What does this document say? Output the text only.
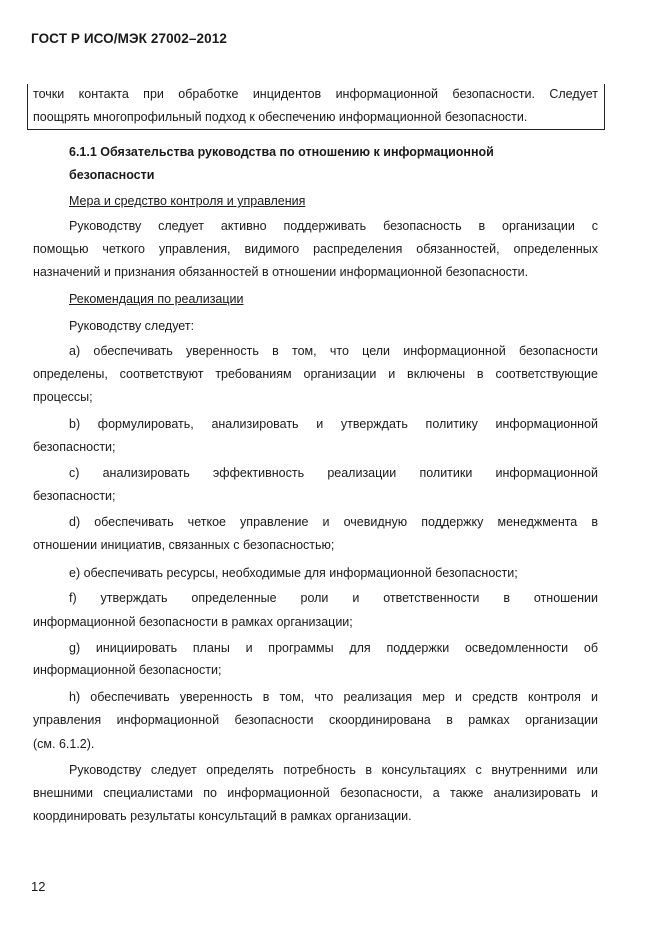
ГОСТ Р ИСО/МЭК 27002–2012
точки контакта при обработке инцидентов информационной безопасности. Следует
поощрять многопрофильный подход к обеспечению информационной безопасности.
6.1.1 Обязательства руководства по отношению к информационной
безопасности
Мера и средство контроля и управления
Руководству следует активно поддерживать безопасность в организации с
помощью четкого управления, видимого распределения обязанностей, определенных
назначений и признания обязанностей в отношении информационной безопасности.
Рекомендация по реализации
Руководству следует:
a) обеспечивать уверенность в том, что цели информационной безопасности
определены, соответствуют требованиям организации и включены в соответствующие
процессы;
b) формулировать, анализировать и утверждать политику информационной
безопасности;
c) анализировать эффективность реализации политики информационной
безопасности;
d) обеспечивать четкое управление и очевидную поддержку менеджмента в
отношении инициатив, связанных с безопасностью;
e) обеспечивать ресурсы, необходимые для информационной безопасности;
f) утверждать определенные роли и ответственности в отношении
информационной безопасности в рамках организации;
g) инициировать планы и программы для поддержки осведомленности об
информационной безопасности;
h) обеспечивать уверенность в том, что реализация мер и средств контроля и
управления информационной безопасности скоординирована в рамках организации
(см. 6.1.2).
Руководству следует определять потребность в консультациях с внутренними или
внешними специалистами по информационной безопасности, а также анализировать и
координировать результаты консультаций в рамках организации.
12
